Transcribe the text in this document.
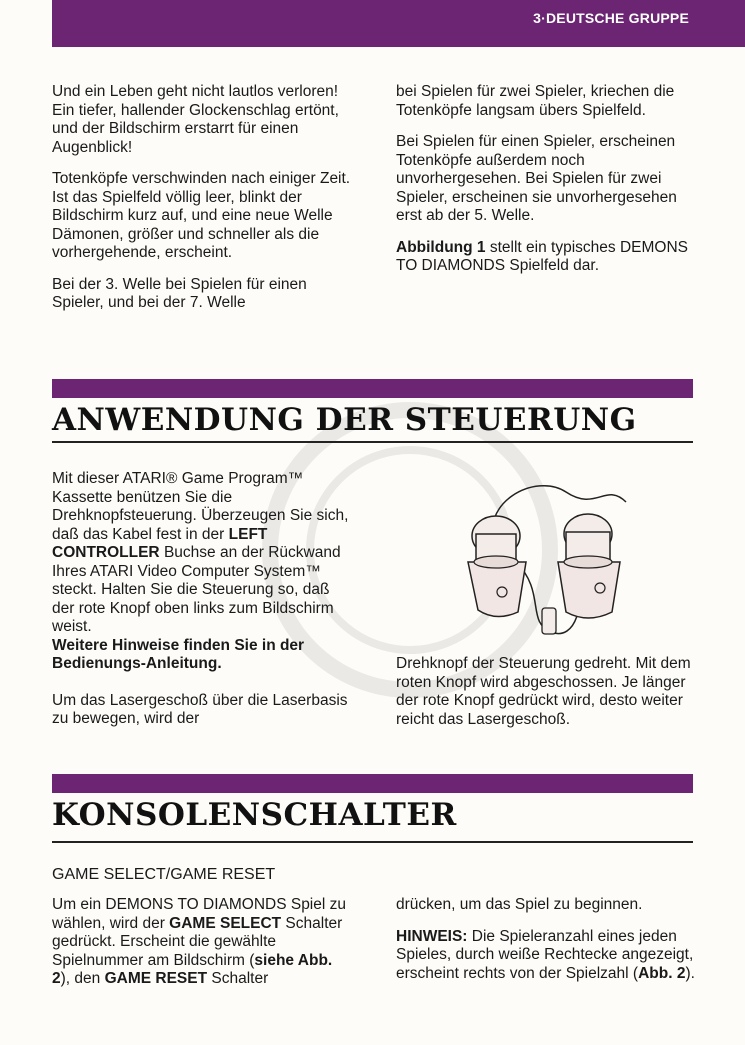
3·DEUTSCHE GRUPPE

Und ein Leben geht nicht lautlos verloren! Ein tiefer, hallender Glockenschlag ertönt, und der Bildschirm erstarrt für einen Augenblick!

Totenköpfe verschwinden nach einiger Zeit. Ist das Spielfeld völlig leer, blinkt der Bildschirm kurz auf, und eine neue Welle Dämonen, größer und schneller als die vorhergehende, erscheint.

Bei der 3. Welle bei Spielen für einen Spieler, und bei der 7. Welle

bei Spielen für zwei Spieler, kriechen die Totenköpfe langsam übers Spielfeld.

Bei Spielen für einen Spieler, erscheinen Totenköpfe außerdem noch unvorhergesehen. Bei Spielen für zwei Spieler, erscheinen sie unvorhergesehen erst ab der 5. Welle.

Abbildung 1 stellt ein typisches DEMONS TO DIAMONDS Spielfeld dar.

ANWENDUNG DER STEUERUNG

Mit dieser ATARI® Game Program™ Kassette benützen Sie die Drehknopfsteuerung. Überzeugen Sie sich, daß das Kabel fest in der LEFT CONTROLLER Buchse an der Rückwand Ihres ATARI Video Computer System™ steckt. Halten Sie die Steuerung so, daß der rote Knopf oben links zum Bildschirm weist.

Weitere Hinweise finden Sie in der Bedienungs-Anleitung.

Um das Lasergeschoß über die Laserbasis zu bewegen, wird der

Drehknopf der Steuerung gedreht. Mit dem roten Knopf wird abgeschossen. Je länger der rote Knopf gedrückt wird, desto weiter reicht das Lasergeschoß.

KONSOLENSCHALTER
GAME SELECT/GAME RESET

Um ein DEMONS TO DIAMONDS Spiel zu wählen, wird der GAME SELECT Schalter gedrückt. Erscheint die gewählte Spielnummer am Bildschirm (siehe Abb. 2), den GAME RESET Schalter

drücken, um das Spiel zu beginnen.

HINWEIS: Die Spieleranzahl eines jeden Spieles, durch weiße Rechtecke angezeigt, erscheint rechts von der Spielzahl (Abb. 2).
